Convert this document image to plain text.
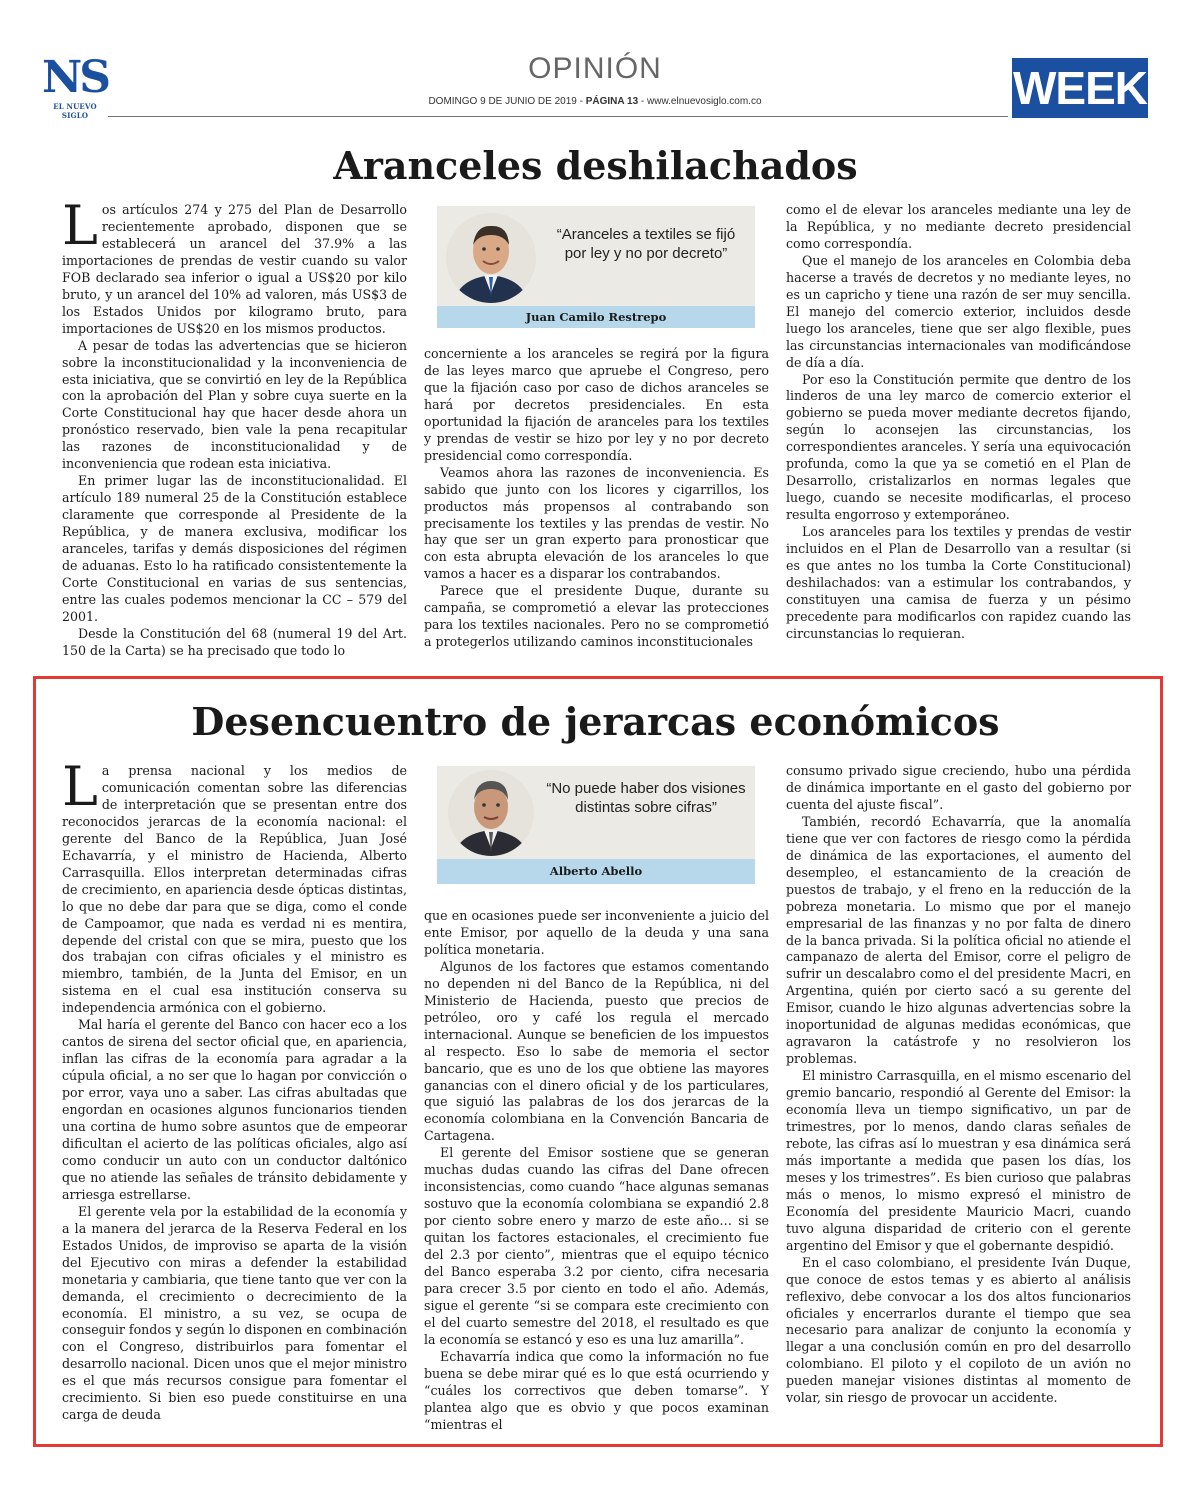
NS
EL NUEVO SIGLO
OPINIÓN
DOMINGO 9 DE JUNIO DE 2019 - PÁGINA 13 - www.elnuevosiglo.com.co	WEEK
Aranceles deshilachados

Los artículos 274 y 275 del Plan de Desarrollo recientemente aprobado, disponen que se establecerá un arancel del 37.9% a las importaciones de prendas de vestir cuando su valor FOB declarado sea inferior o igual a US$20 por kilo bruto, y un arancel del 10% ad valoren, más US$3 de los Estados Unidos por kilogramo bruto, para importaciones de US$20 en los mismos productos.

A pesar de todas las advertencias que se hicieron sobre la inconstitucionalidad y la inconveniencia de esta iniciativa, que se convirtió en ley de la República con la aprobación del Plan y sobre cuya suerte en la Corte Constitucional hay que hacer desde ahora un pronóstico reservado, bien vale la pena recapitular las razones de inconstitucionalidad y de inconveniencia que rodean esta iniciativa.

En primer lugar las de inconstitucionalidad. El artículo 189 numeral 25 de la Constitución establece claramente que corresponde al Presidente de la República, y de manera exclusiva, modificar los aranceles, tarifas y demás disposiciones del régimen de aduanas. Esto lo ha ratificado consistentemente la Corte Constitucional en varias de sus sentencias, entre las cuales podemos mencionar la CC – 579 del 2001.

Desde la Constitución del 68 (numeral 19 del Art. 150 de la Carta) se ha precisado que todo lo

“Aranceles a textiles se fijó por ley y no por decreto”
Juan Camilo Restrepo

concerniente a los aranceles se regirá por la figura de las leyes marco que apruebe el Congreso, pero que la fijación caso por caso de dichos aranceles se hará por decretos presidenciales. En esta oportunidad la fijación de aranceles para los textiles y prendas de vestir se hizo por ley y no por decreto presidencial como correspondía.

Veamos ahora las razones de inconveniencia. Es sabido que junto con los licores y cigarrillos, los productos más propensos al contrabando son precisamente los textiles y las prendas de vestir. No hay que ser un gran experto para pronosticar que con esta abrupta elevación de los aranceles lo que vamos a hacer es a disparar los contrabandos.

Parece que el presidente Duque, durante su campaña, se comprometió a elevar las protecciones para los textiles nacionales. Pero no se comprometió a protegerlos utilizando caminos inconstitucionales

como el de elevar los aranceles mediante una ley de la República, y no mediante decreto presidencial como correspondía.

Que el manejo de los aranceles en Colombia deba hacerse a través de decretos y no mediante leyes, no es un capricho y tiene una razón de ser muy sencilla. El manejo del comercio exterior, incluidos desde luego los aranceles, tiene que ser algo flexible, pues las circunstancias internacionales van modificándose de día a día.

Por eso la Constitución permite que dentro de los linderos de una ley marco de comercio exterior el gobierno se pueda mover mediante decretos fijando, según lo aconsejen las circunstancias, los correspondientes aranceles. Y sería una equivocación profunda, como la que ya se cometió en el Plan de Desarrollo, cristalizarlos en normas legales que luego, cuando se necesite modificarlas, el proceso resulta engorroso y extemporáneo.

Los aranceles para los textiles y prendas de vestir incluidos en el Plan de Desarrollo van a resultar (si es que antes no los tumba la Corte Constitucional) deshilachados: van a estimular los contrabandos, y constituyen una camisa de fuerza y un pésimo precedente para modificarlos con rapidez cuando las circunstancias lo requieran.

Desencuentro de jerarcas económicos

La prensa nacional y los medios de comunicación comentan sobre las diferencias de interpretación que se presentan entre dos reconocidos jerarcas de la economía nacional: el gerente del Banco de la República, Juan José Echavarría, y el ministro de Hacienda, Alberto Carrasquilla. Ellos interpretan determinadas cifras de crecimiento, en apariencia desde ópticas distintas, lo que no debe dar para que se diga, como el conde de Campoamor, que nada es verdad ni es mentira, depende del cristal con que se mira, puesto que los dos trabajan con cifras oficiales y el ministro es miembro, también, de la Junta del Emisor, en un sistema en el cual esa institución conserva su independencia armónica con el gobierno.

Mal haría el gerente del Banco con hacer eco a los cantos de sirena del sector oficial que, en apariencia, inflan las cifras de la economía para agradar a la cúpula oficial, a no ser que lo hagan por convicción o por error, vaya uno a saber. Las cifras abultadas que engordan en ocasiones algunos funcionarios tienden una cortina de humo sobre asuntos que de empeorar dificultan el acierto de las políticas oficiales, algo así como conducir un auto con un conductor daltónico que no atiende las señales de tránsito debidamente y arriesga estrellarse.

El gerente vela por la estabilidad de la economía y a la manera del jerarca de la Reserva Federal en los Estados Unidos, de improviso se aparta de la visión del Ejecutivo con miras a defender la estabilidad monetaria y cambiaria, que tiene tanto que ver con la demanda, el crecimiento o decrecimiento de la economía. El ministro, a su vez, se ocupa de conseguir fondos y según lo disponen en combinación con el Congreso, distribuirlos para fomentar el desarrollo nacional. Dicen unos que el mejor ministro es el que más recursos consigue para fomentar el crecimiento. Si bien eso puede constituirse en una carga de deuda

“No puede haber dos visiones distintas sobre cifras”
Alberto Abello

que en ocasiones puede ser inconveniente a juicio del ente Emisor, por aquello de la deuda y una sana política monetaria.

Algunos de los factores que estamos comentando no dependen ni del Banco de la República, ni del Ministerio de Hacienda, puesto que precios de petróleo, oro y café los regula el mercado internacional. Aunque se beneficien de los impuestos al respecto. Eso lo sabe de memoria el sector bancario, que es uno de los que obtiene las mayores ganancias con el dinero oficial y de los particulares, que siguió las palabras de los dos jerarcas de la economía colombiana en la Convención Bancaria de Cartagena.

El gerente del Emisor sostiene que se generan muchas dudas cuando las cifras del Dane ofrecen inconsistencias, como cuando “hace algunas semanas sostuvo que la economía colombiana se expandió 2.8 por ciento sobre enero y marzo de este año… si se quitan los factores estacionales, el crecimiento fue del 2.3 por ciento”, mientras que el equipo técnico del Banco esperaba 3.2 por ciento, cifra necesaria para crecer 3.5 por ciento en todo el año. Además, sigue el gerente “si se compara este crecimiento con el del cuarto semestre del 2018, el resultado es que la economía se estancó y eso es una luz amarilla”.

Echavarría indica que como la información no fue buena se debe mirar qué es lo que está ocurriendo y “cuáles los correctivos que deben tomarse”. Y plantea algo que es obvio y que pocos examinan “mientras el

consumo privado sigue creciendo, hubo una pérdida de dinámica importante en el gasto del gobierno por cuenta del ajuste fiscal”.

También, recordó Echavarría, que la anomalía tiene que ver con factores de riesgo como la pérdida de dinámica de las exportaciones, el aumento del desempleo, el estancamiento de la creación de puestos de trabajo, y el freno en la reducción de la pobreza monetaria. Lo mismo que por el manejo empresarial de las finanzas y no por falta de dinero de la banca privada. Si la política oficial no atiende el campanazo de alerta del Emisor, corre el peligro de sufrir un descalabro como el del presidente Macri, en Argentina, quién por cierto sacó a su gerente del Emisor, cuando le hizo algunas advertencias sobre la inoportunidad de algunas medidas económicas, que agravaron la catástrofe y no resolvieron los problemas.

El ministro Carrasquilla, en el mismo escenario del gremio bancario, respondió al Gerente del Emisor: la economía lleva un tiempo significativo, un par de trimestres, por lo menos, dando claras señales de rebote, las cifras así lo muestran y esa dinámica será más importante a medida que pasen los días, los meses y los trimestres”. Es bien curioso que palabras más o menos, lo mismo expresó el ministro de Economía del presidente Mauricio Macri, cuando tuvo alguna disparidad de criterio con el gerente argentino del Emisor y que el gobernante despidió.

En el caso colombiano, el presidente Iván Duque, que conoce de estos temas y es abierto al análisis reflexivo, debe convocar a los dos altos funcionarios oficiales y encerrarlos durante el tiempo que sea necesario para analizar de conjunto la economía y llegar a una conclusión común en pro del desarrollo colombiano. El piloto y el copiloto de un avión no pueden manejar visiones distintas al momento de volar, sin riesgo de provocar un accidente.
